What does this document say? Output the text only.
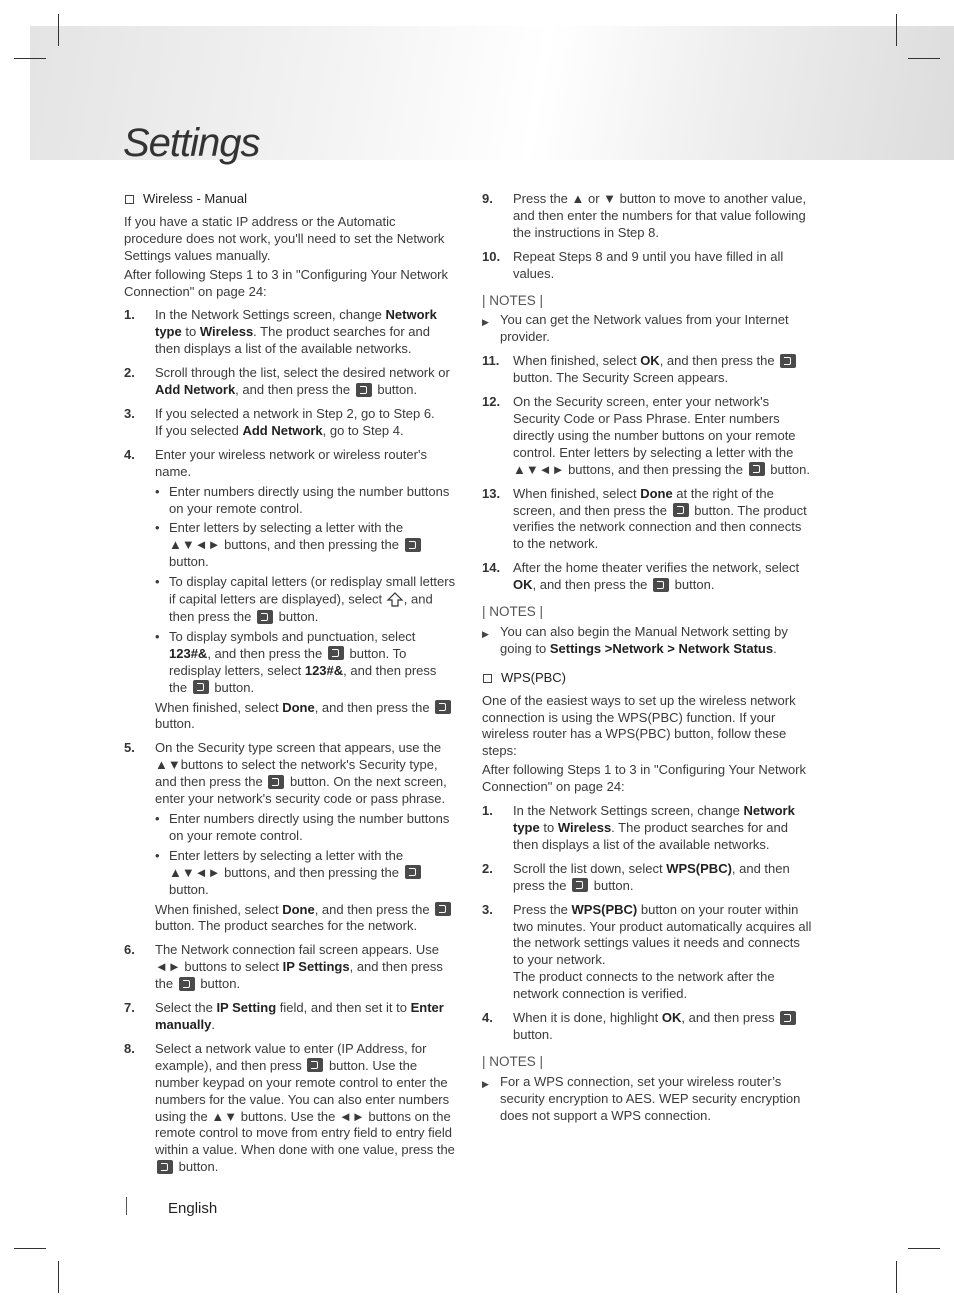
Settings
Wireless - Manual

If you have a static IP address or the Automatic procedure does not work, you'll need to set the Network Settings values manually.

After following Steps 1 to 3 in "Configuring Your Network Connection" on page 24:

1.	In the Network Settings screen, change Network type to Wireless. The product searches for and then displays a list of the available networks.
2.	Scroll through the list, select the desired network or Add Network, and then press the button.
3.	If you selected a network in Step 2, go to Step 6.
If you selected Add Network, go to Step 4.
4.	Enter your wireless network or wireless router's name.
• Enter numbers directly using the number buttons on your remote control.
• Enter letters by selecting a letter with the ▲▼◄► buttons, and then pressing the  button.
• To display capital letters (or redisplay small letters if capital letters are displayed), select , and then press the button.
• To display symbols and punctuation, select 123#&, and then press the button. To redisplay letters, select 123#&, and then press the button.
When finished, select Done, and then press the  button.
5.	On the Security type screen that appears, use the ▲▼buttons to select the network's Security type, and then press the button. On the next screen, enter your network's security code or pass phrase.
• Enter numbers directly using the number buttons on your remote control.
• Enter letters by selecting a letter with the ▲▼◄► buttons, and then pressing the  button.
When finished, select Done, and then press the  button. The product searches for the network.
6.	The Network connection fail screen appears. Use ◄► buttons to select IP Settings, and then press the button.
7.	Select the IP Setting field, and then set it to Enter manually.
8.	Select a network value to enter (IP Address, for example), and then press button. Use the number keypad on your remote control to enter the numbers for the value. You can also enter numbers using the ▲▼ buttons. Use the ◄► buttons on the remote control to move from entry field to entry field within a value. When done with one value, press the  button.
9.	Press the ▲ or ▼ button to move to another value, and then enter the numbers for that value following the instructions in Step 8.
10. Repeat Steps 8 and 9 until you have filled in all values.
| NOTES |
▶ You can get the Network values from your Internet provider.
11.	When finished, select OK, and then press the  button. The Security Screen appears.
12. On the Security screen, enter your network's Security Code or Pass Phrase. Enter numbers directly using the number buttons on your remote control. Enter letters by selecting a letter with the ▲▼◄► buttons, and then pressing the button.
13. When finished, select Done at the right of the screen, and then press the button. The product verifies the network connection and then connects to the network.
14. After the home theater verifies the network, select OK, and then press the button.
| NOTES |
▶ You can also begin the Manual Network setting by going to Settings >Network > Network Status.
WPS(PBC)

One of the easiest ways to set up the wireless network connection is using the WPS(PBC) function. If your wireless router has a WPS(PBC) button, follow these steps:

After following Steps 1 to 3 in "Configuring Your Network Connection" on page 24:

1.	In the Network Settings screen, change Network type to Wireless. The product searches for and then displays a list of the available networks.
2.	Scroll the list down, select WPS(PBC), and then press the button.
3.	Press the WPS(PBC) button on your router within two minutes. Your product automatically acquires all the network settings values it needs and connects to your network.
The product connects to the network after the network connection is verified.
4.	When it is done, highlight OK, and then press  button.
| NOTES |
▶ For a WPS connection, set your wireless router’s security encryption to AES. WEP security encryption does not support a WPS connection.
English
